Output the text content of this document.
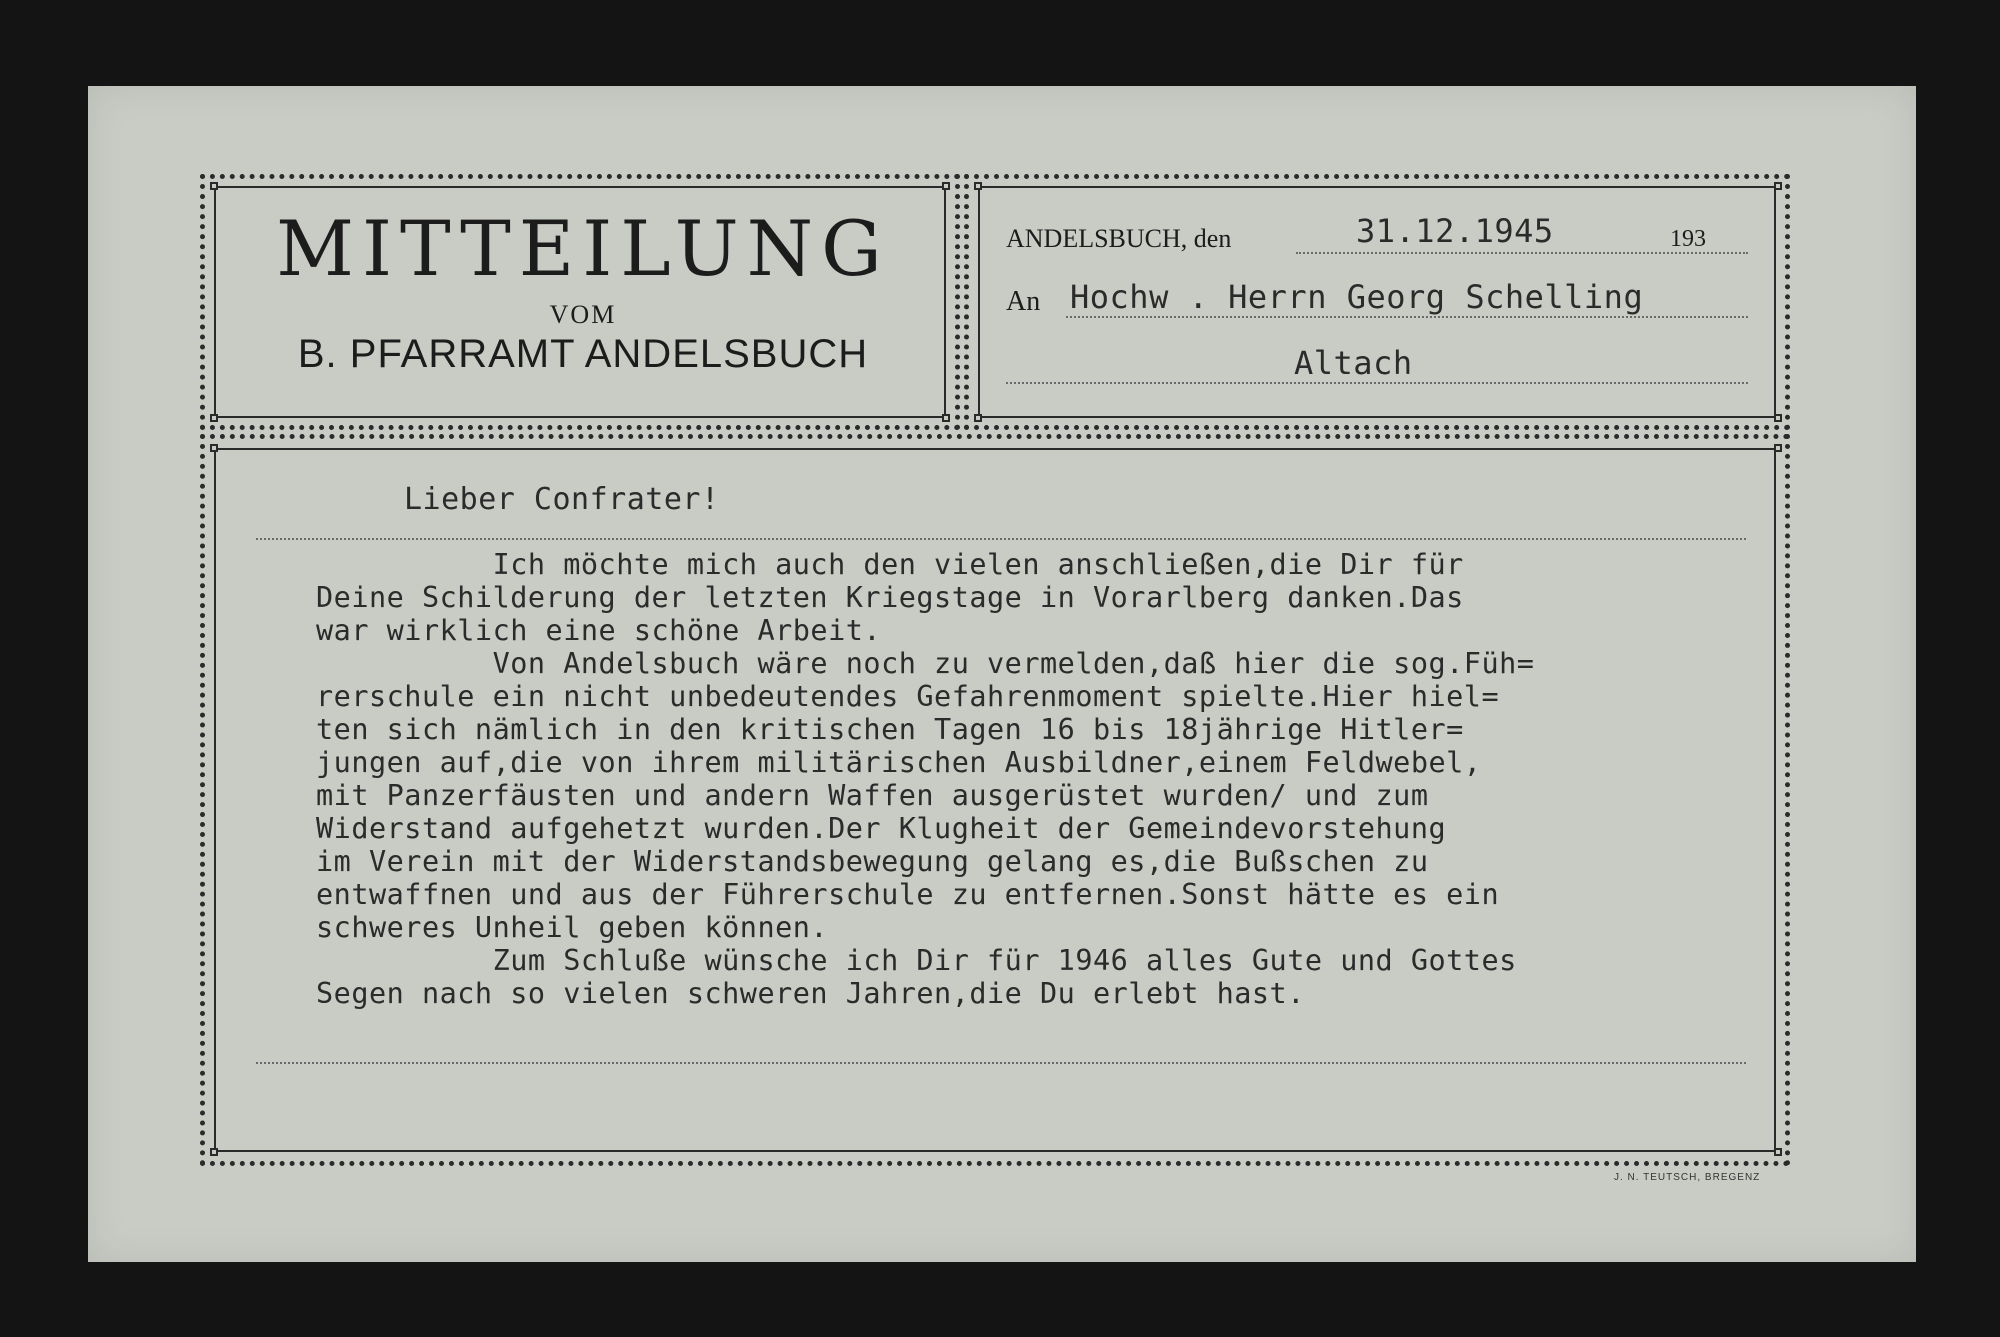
MITTEILUNG
VOM
B. PFARRAMT ANDELSBUCH
ANDELSBUCH, den	31.12.1945	193
An Hochw . Herrn Georg Schelling
Altach
Lieber Confrater!
Ich möchte mich auch den vielen anschließen,die Dir für
Deine Schilderung der letzten Kriegstage in Vorarlberg danken.Das
war wirklich eine schöne Arbeit.
Von Andelsbuch wäre noch zu vermelden,daß hier die sog.Füh=
rerschule ein nicht unbedeutendes Gefahrenmoment spielte.Hier hiel=
ten sich nämlich in den kritischen Tagen 16 bis 18jährige Hitler=
jungen auf,die von ihrem militärischen Ausbildner,einem Feldwebel,
mit Panzerfäusten und andern Waffen ausgerüstet wurden/ und zum
Widerstand aufgehetzt wurden.Der Klugheit der Gemeindevorstehung
im Verein mit der Widerstandsbewegung gelang es,die Bußschen zu
entwaffnen und aus der Führerschule zu entfernen.Sonst hätte es ein
schweres Unheil geben können.
Zum Schluße wünsche ich Dir für 1946 alles Gute und Gottes
Segen nach so vielen schweren Jahren,die Du erlebt hast.
J. N. TEUTSCH, BREGENZ
